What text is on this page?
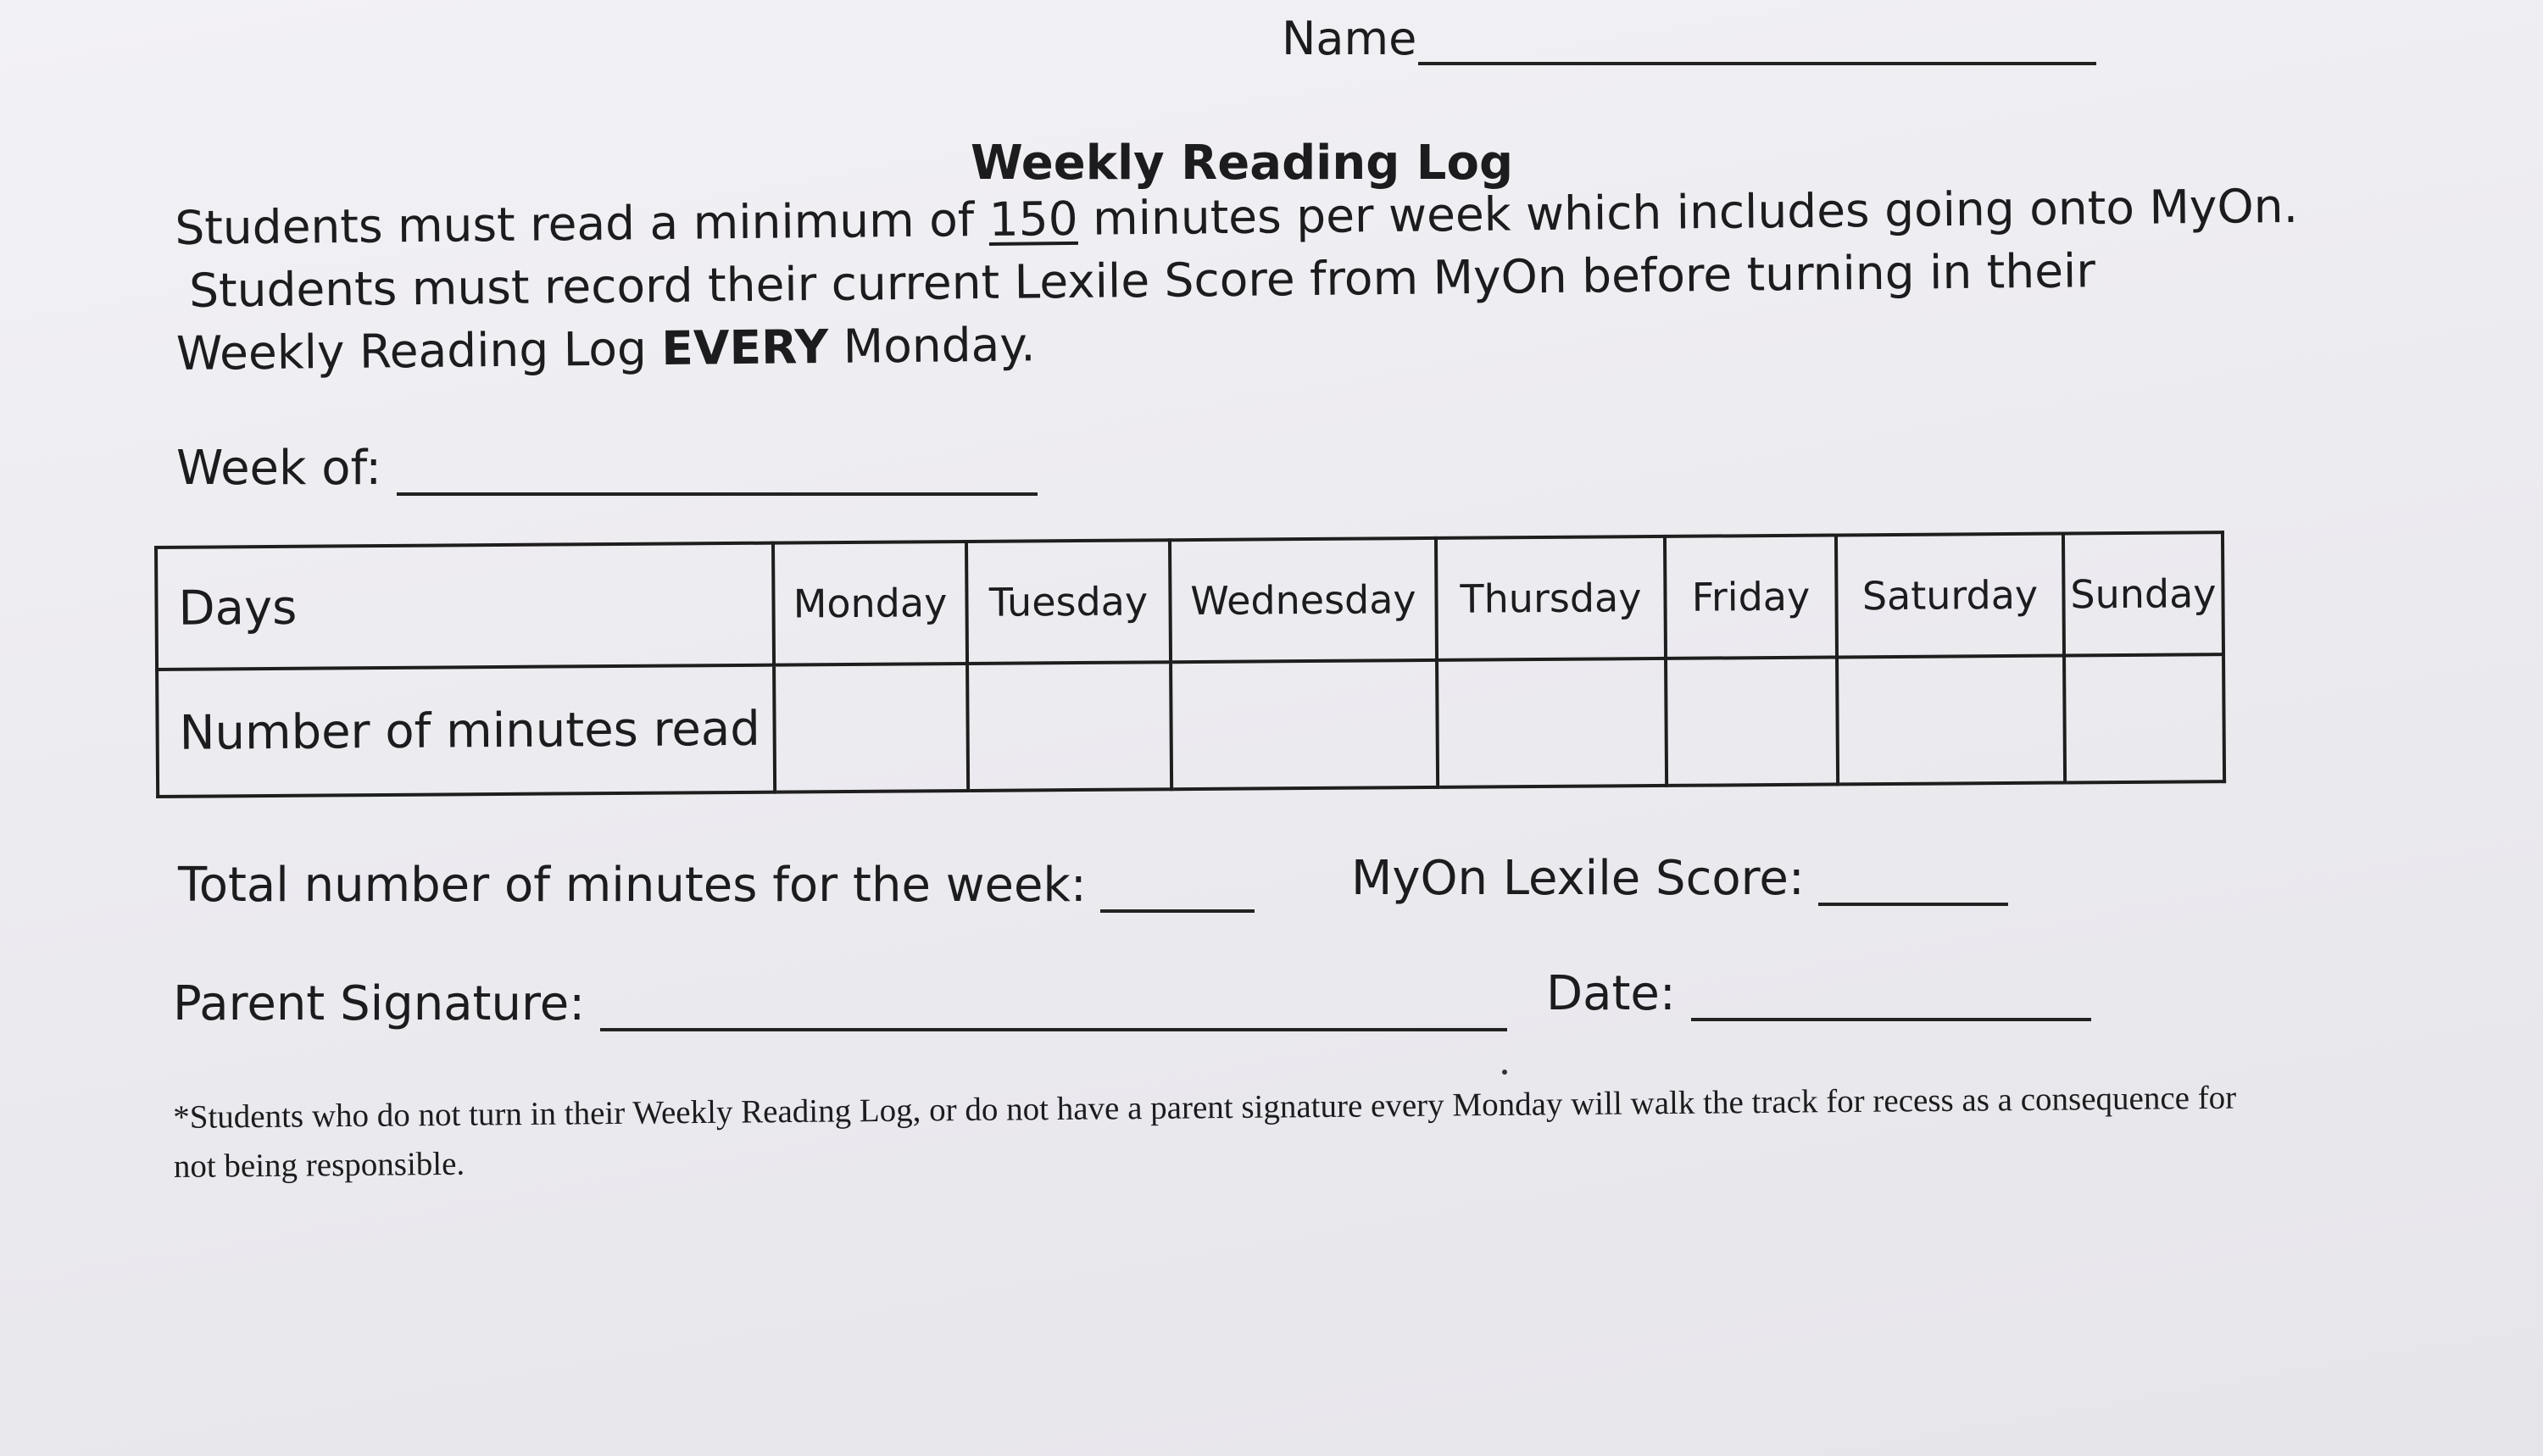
Name
Weekly Reading Log
Students must read a minimum of 150 minutes per week which includes going onto MyOn.
Students must record their current Lexile Score from MyOn before turning in their
Weekly Reading Log EVERY Monday.
Week of:
Days	Monday	Tuesday	Wednesday	Thursday	Friday	Saturday	Sunday
Number of minutes read							
Total number of minutes for the week:	MyOn Lexile Score:
Parent Signature:	Date:
*Students who do not turn in their Weekly Reading Log, or do not have a parent signature every Monday will walk the track for recess as a consequence for not being responsible.
